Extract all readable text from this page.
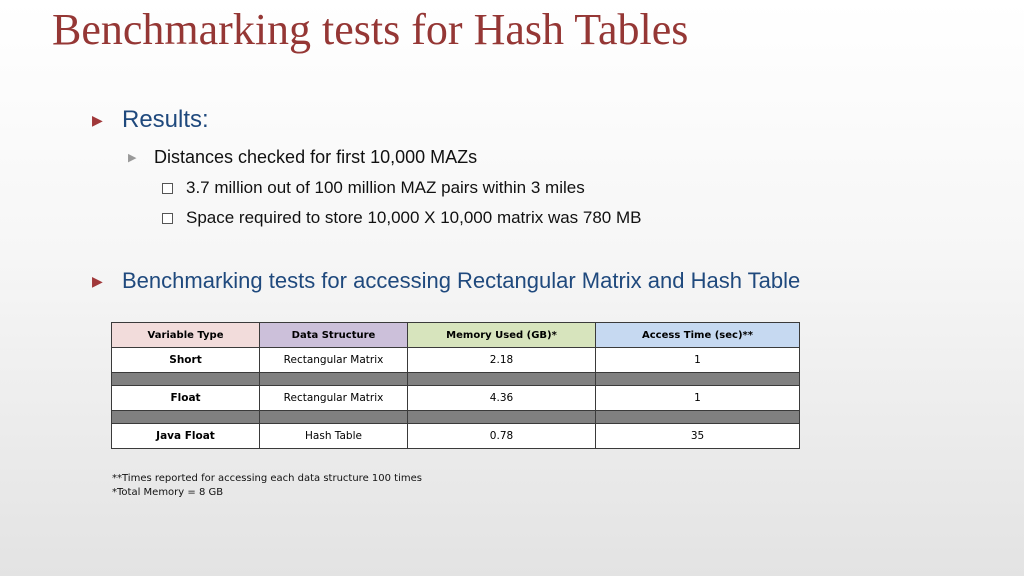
Benchmarking tests for Hash Tables
▶ Results:
▶ Distances checked for first 10,000 MAZs
3.7 million out of 100 million MAZ pairs within 3 miles
Space required to store 10,000 X 10,000 matrix was 780 MB
▶ Benchmarking tests for accessing Rectangular Matrix and Hash Table
Variable Type	Data Structure	Memory Used (GB)*	Access Time (sec)**
Short	Rectangular Matrix	2.18	1

Float	Rectangular Matrix	4.36	1

Java Float	Hash Table	0.78	35
**Times reported for accessing each data structure 100 times
*Total Memory = 8 GB
